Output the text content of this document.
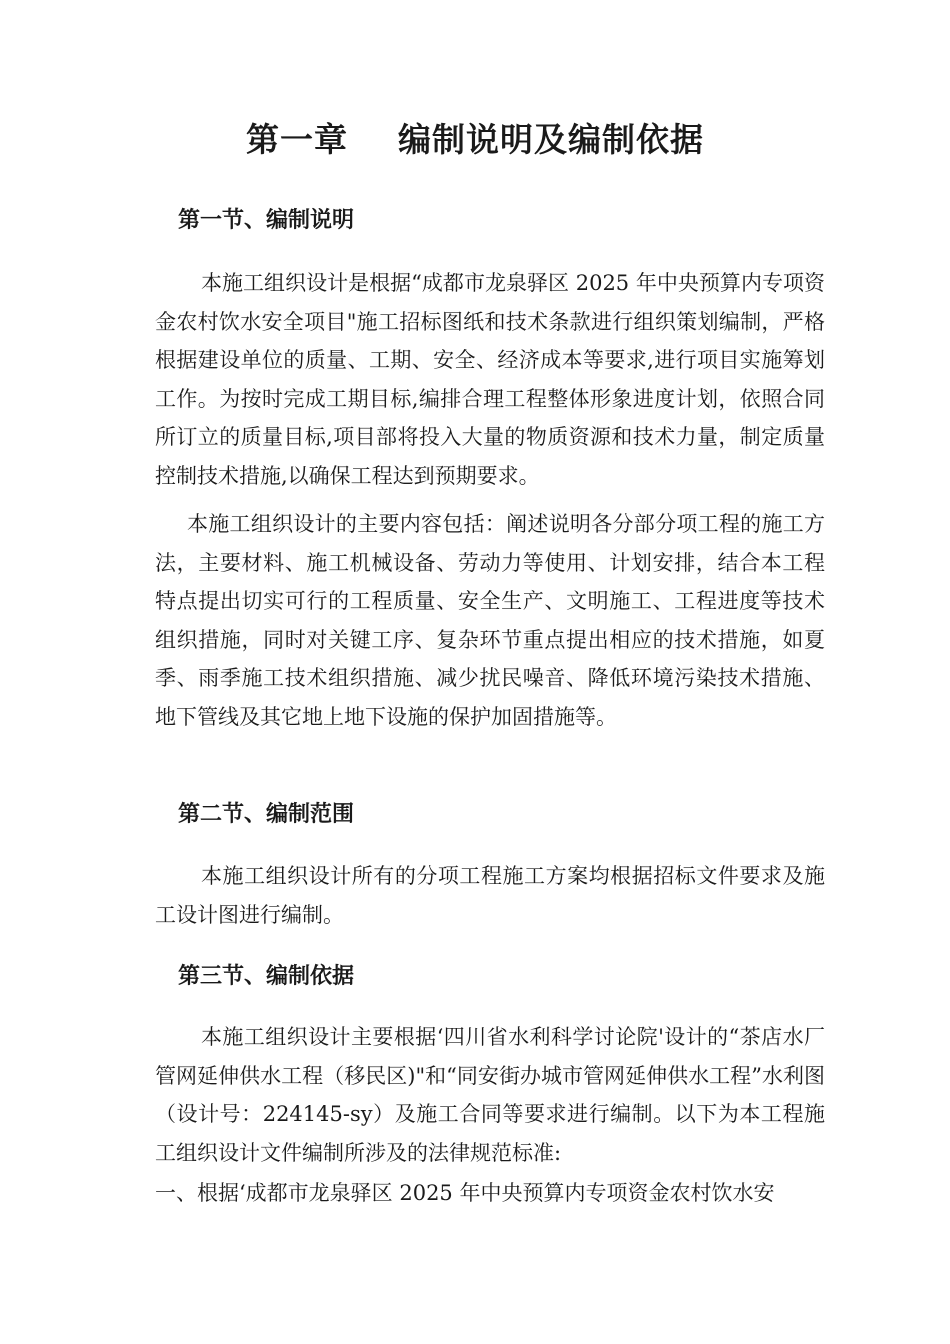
第一章    编制说明及编制依据
第一节、编制说明

本施工组织设计是根据“成都市龙泉驿区 2025 年中央预算内专项资金农村饮水安全项目"施工招标图纸和技术条款进行组织策划编制，严格根据建设单位的质量、工期、安全、经济成本等要求,进行项目实施筹划工作。为按时完成工期目标,编排合理工程整体形象进度计划，依照合同所订立的质量目标,项目部将投入大量的物质资源和技术力量，制定质量控制技术措施,以确保工程达到预期要求。

本施工组织设计的主要内容包括：阐述说明各分部分项工程的施工方法，主要材料、施工机械设备、劳动力等使用、计划安排，结合本工程特点提出切实可行的工程质量、安全生产、文明施工、工程进度等技术组织措施，同时对关键工序、复杂环节重点提出相应的技术措施，如夏季、雨季施工技术组织措施、减少扰民噪音、降低环境污染技术措施、地下管线及其它地上地下设施的保护加固措施等。

第二节、编制范围

本施工组织设计所有的分项工程施工方案均根据招标文件要求及施工设计图进行编制。

第三节、编制依据

本施工组织设计主要根据‘四川省水利科学讨论院'设计的“茶店水厂管网延伸供水工程（移民区)"和“同安街办城市管网延伸供水工程”水利图（设计号：224145-sy）及施工合同等要求进行编制。以下为本工程施工组织设计文件编制所涉及的法律规范标准:

一、根据‘成都市龙泉驿区 2025 年中央预算内专项资金农村饮水安
